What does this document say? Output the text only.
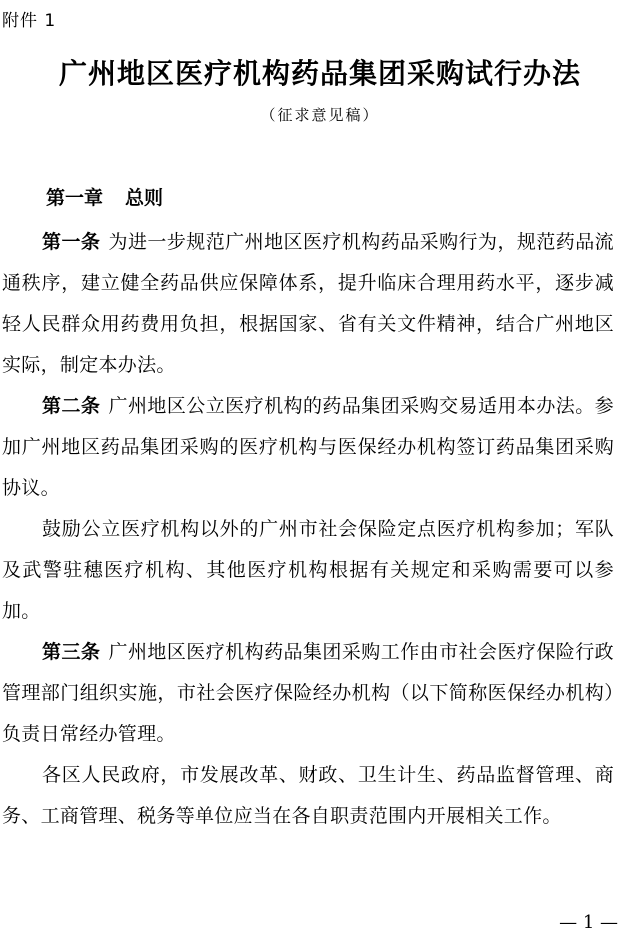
附件 1
广州地区医疗机构药品集团采购试行办法
（征求意见稿）
第一章 总则

第一条 为进一步规范广州地区医疗机构药品采购行为，规范药品流通秩序，建立健全药品供应保障体系，提升临床合理用药水平，逐步减轻人民群众用药费用负担，根据国家、省有关文件精神，结合广州地区实际，制定本办法。

第二条 广州地区公立医疗机构的药品集团采购交易适用本办法。参加广州地区药品集团采购的医疗机构与医保经办机构签订药品集团采购协议。

鼓励公立医疗机构以外的广州市社会保险定点医疗机构参加；军队及武警驻穗医疗机构、其他医疗机构根据有关规定和采购需要可以参加。

第三条 广州地区医疗机构药品集团采购工作由市社会医疗保险行政管理部门组织实施，市社会医疗保险经办机构（以下简称医保经办机构）负责日常经办管理。

各区人民政府，市发展改革、财政、卫生计生、药品监督管理、商务、工商管理、税务等单位应当在各自职责范围内开展相关工作。

— 1 —
